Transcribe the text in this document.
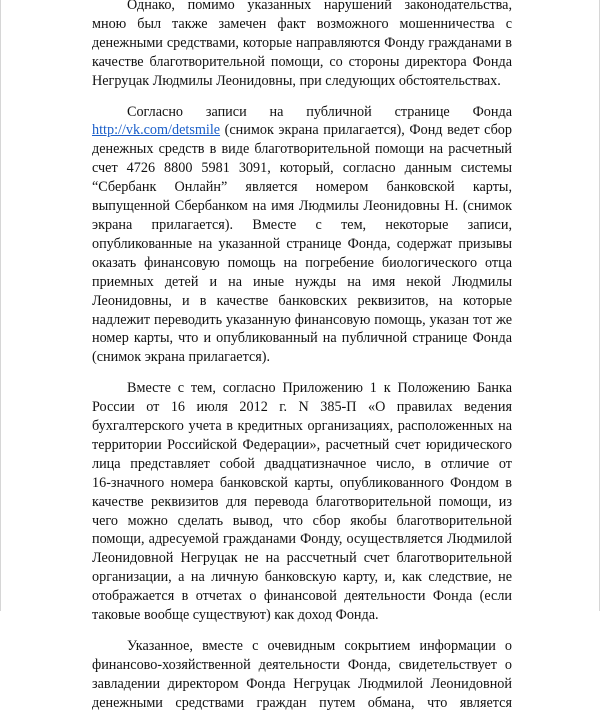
Однако, помимо указанных нарушений законодательства,
мною был также замечен факт возможного мошенничества с
денежными средствами, которые направляются Фонду гражданами в
качестве благотворительной помощи, со стороны директора Фонда
Негруцак Людмилы Леонидовны, при следующих обстоятельствах.

Согласно записи на публичной странице Фонда
http://vk.com/detsmile (снимок экрана прилагается), Фонд ведет сбор
денежных средств в виде благотворительной помощи на расчетный
счет 4726 8800 5981 3091, который, согласно данным системы
“Сбербанк Онлайн” является номером банковской карты,
выпущенной Сбербанком на имя Людмилы Леонидовны Н. (снимок
экрана прилагается). Вместе с тем, некоторые записи,
опубликованные на указанной странице Фонда, содержат призывы
оказать финансовую помощь на погребение биологического отца
приемных детей и на иные нужды на имя некой Людмилы
Леонидовны, и в качестве банковских реквизитов, на которые
надлежит переводить указанную финансовую помощь, указан тот же
номер карты, что и опубликованный на публичной странице Фонда
(снимок экрана прилагается).

Вместе с тем, согласно Приложению 1 к Положению Банка
России от 16 июля 2012 г. N 385-П «О правилах ведения
бухгалтерского учета в кредитных организациях, расположенных на
территории Российской Федерации», расчетный счет юридического
лица представляет собой двадцатизначное число, в отличие от
16-значного номера банковской карты, опубликованного Фондом в
качестве реквизитов для перевода благотворительной помощи, из
чего можно сделать вывод, что сбор якобы благотворительной
помощи, адресуемой гражданами Фонду, осуществляется Людмилой
Леонидовной Негруцак не на рассчетный счет благотворительной
организации, а на личную банковскую карту, и, как следствие, не
отображается в отчетах о финансовой деятельности Фонда (если
таковые вообще существуют) как доход Фонда.

Указанное, вместе с очевидным сокрытием информации о
финансово-хозяйственной деятельности Фонда, свидетельствует о
завладении директором Фонда Негруцак Людмилой Леонидовной
денежными средствами граждан путем обмана, что является
